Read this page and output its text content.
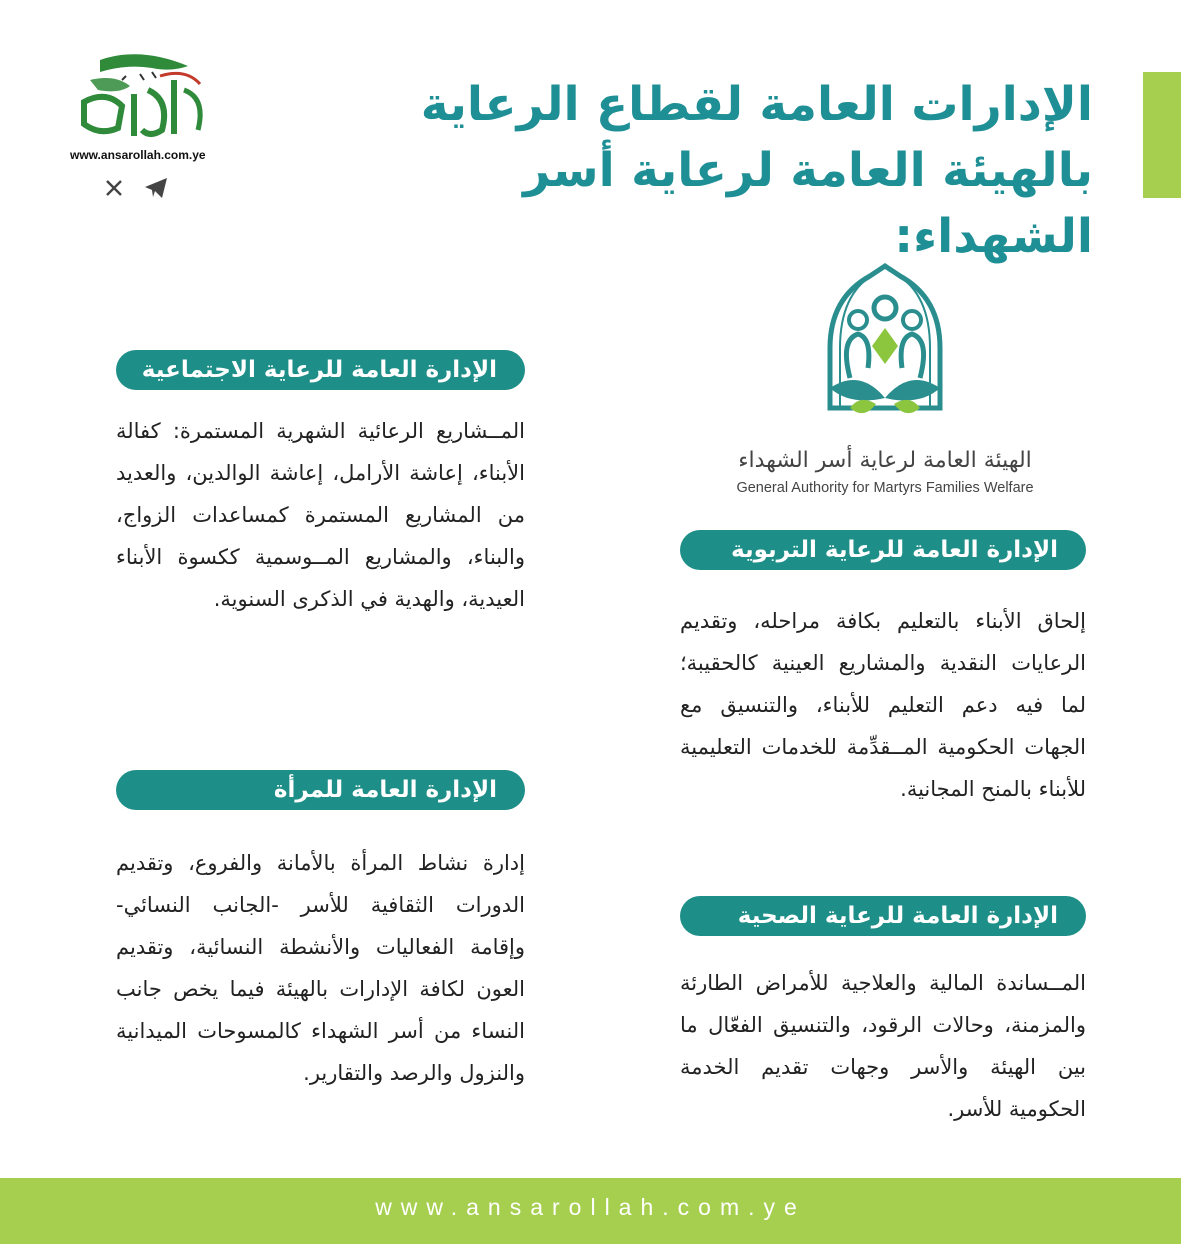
الإدارات العامة لقطاع الرعاية
بالهيئة العامة لرعاية أسر الشهداء:
www.ansarollah.com.ye
الهيئة العامة لرعاية أسر الشهداء
General Authority for Martyrs Families Welfare
الإدارة العامة للرعاية الاجتماعية
المــشاريع الرعائية الشهرية المستمرة: كفالة الأبناء، إعاشة الأرامل، إعاشة الوالدين، والعديد من المشاريع المستمرة كمساعدات الزواج، والبناء، والمشاريع المــوسمية ككسوة الأبناء العيدية، والهدية في الذكرى السنوية.
الإدارة العامة للمرأة
إدارة نشاط المرأة بالأمانة والفروع، وتقديم الدورات الثقافية للأسر -الجانب النسائي- وإقامة الفعاليات والأنشطة النسائية، وتقديم العون لكافة الإدارات بالهيئة فيما يخص جانب النساء من أسر الشهداء كالمسوحات الميدانية والنزول والرصد والتقارير.
الإدارة العامة للرعاية التربوية
إلحاق الأبناء بالتعليم بكافة مراحله، وتقديم الرعايات النقدية والمشاريع العينية كالحقيبة؛ لما فيه دعم التعليم للأبناء، والتنسيق مع الجهات الحكومية المــقدِّمة للخدمات التعليمية للأبناء بالمنح المجانية.
الإدارة العامة للرعاية الصحية
المــساندة المالية والعلاجية للأمراض الطارئة والمزمنة، وحالات الرقود، والتنسيق الفعّال ما بين الهيئة والأسر وجهات تقديم الخدمة الحكومية للأسر.
www.ansarollah.com.ye
